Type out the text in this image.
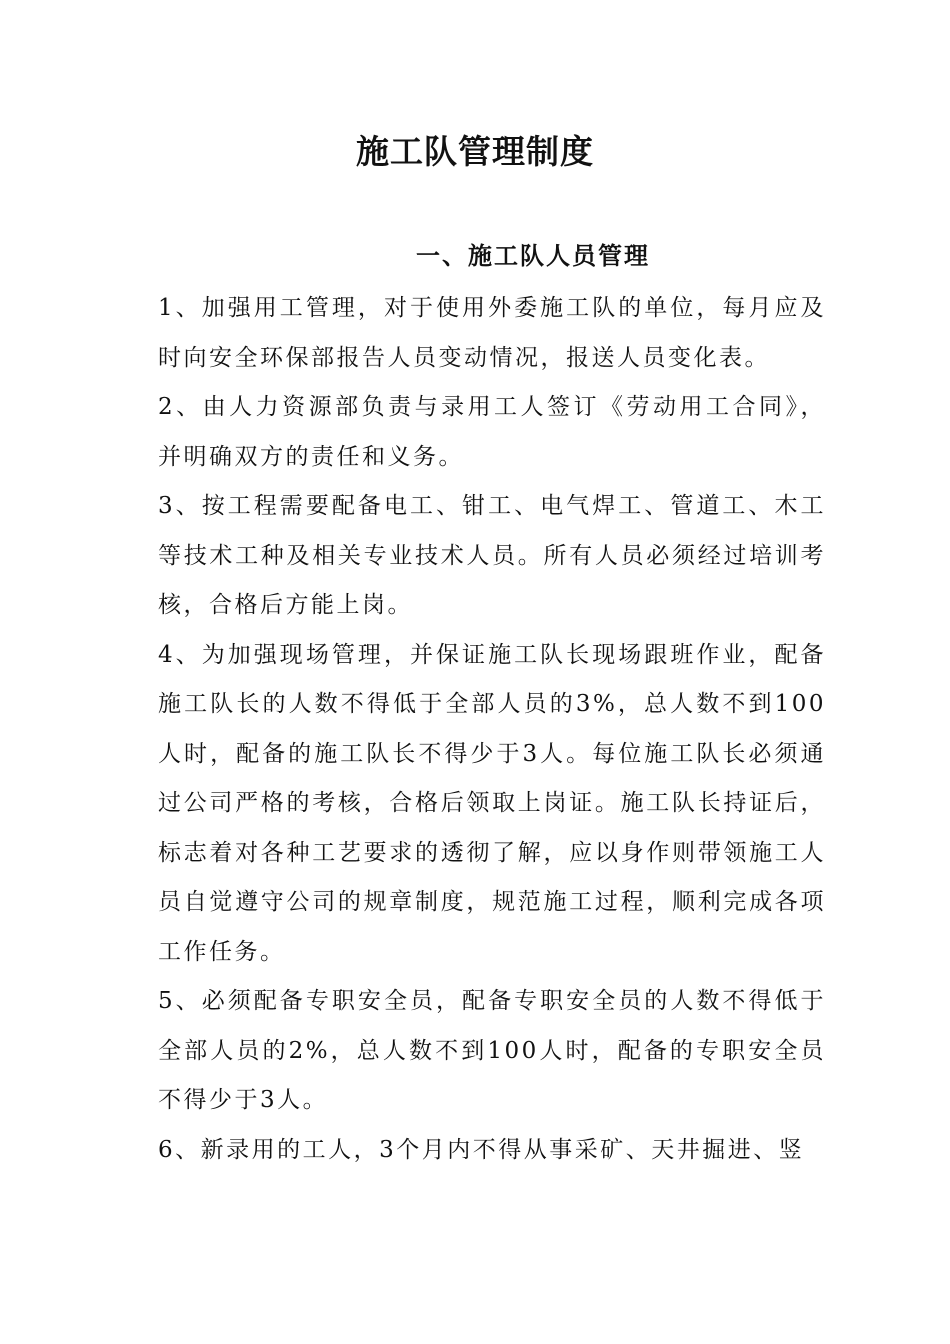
施工队管理制度
一、施工队人员管理

1、加强用工管理，对于使用外委施工队的单位，每月应及时向安全环保部报告人员变动情况，报送人员变化表。

2、由人力资源部负责与录用工人签订《劳动用工合同》，并明确双方的责任和义务。

3、按工程需要配备电工、钳工、电气焊工、管道工、木工等技术工种及相关专业技术人员。所有人员必须经过培训考核，合格后方能上岗。

4、为加强现场管理，并保证施工队长现场跟班作业，配备施工队长的人数不得低于全部人员的3%，总人数不到100人时，配备的施工队长不得少于3人。每位施工队长必须通过公司严格的考核，合格后领取上岗证。施工队长持证后，标志着对各种工艺要求的透彻了解，应以身作则带领施工人员自觉遵守公司的规章制度，规范施工过程，顺利完成各项工作任务。

5、必须配备专职安全员，配备专职安全员的人数不得低于全部人员的2%，总人数不到100人时，配备的专职安全员不得少于3人。

6、新录用的工人，3个月内不得从事采矿、天井掘进、竖
